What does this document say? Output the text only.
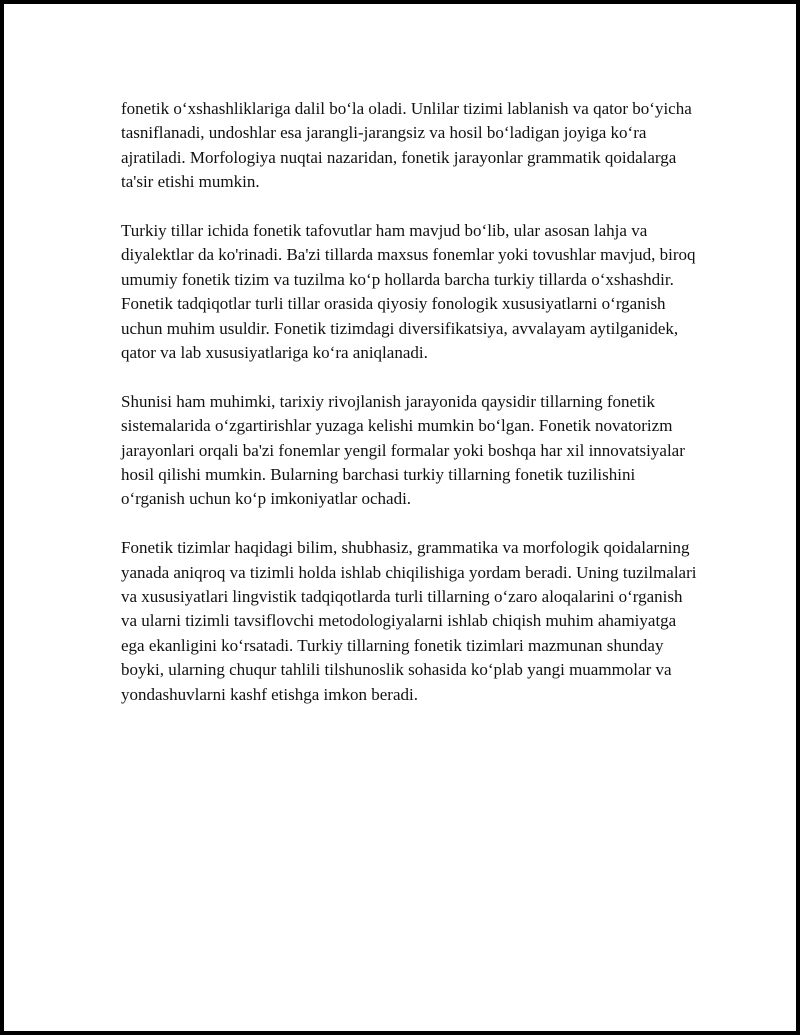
fonetik o‘xshashliklariga dalil bo‘la oladi. Unlilar tizimi lablanish va qator bo‘yicha tasniflanadi, undoshlar esa jarangli-jarangsiz va hosil bo‘ladigan joyiga ko‘ra ajratiladi. Morfologiya nuqtai nazaridan, fonetik jarayonlar grammatik qoidalarga ta'sir etishi mumkin.

Turkiy tillar ichida fonetik tafovutlar ham mavjud bo‘lib, ular asosan lahja va diyalektlar da ko'rinadi. Ba'zi tillarda maxsus fonemlar yoki tovushlar mavjud, biroq umumiy fonetik tizim va tuzilma ko‘p hollarda barcha turkiy tillarda o‘xshashdir. Fonetik tadqiqotlar turli tillar orasida qiyosiy fonologik xususiyatlarni o‘rganish uchun muhim usuldir. Fonetik tizimdagi diversifikatsiya, avvalayam aytilganidek, qator va lab xususiyatlariga ko‘ra aniqlanadi.

Shunisi ham muhimki, tarixiy rivojlanish jarayonida qaysidir tillarning fonetik sistemalarida o‘zgartirishlar yuzaga kelishi mumkin bo‘lgan. Fonetik novatorizm jarayonlari orqali ba'zi fonemlar yengil formalar yoki boshqa har xil innovatsiyalar hosil qilishi mumkin. Bularning barchasi turkiy tillarning fonetik tuzilishini o‘rganish uchun ko‘p imkoniyatlar ochadi.

Fonetik tizimlar haqidagi bilim, shubhasiz, grammatika va morfologik qoidalarning yanada aniqroq va tizimli holda ishlab chiqilishiga yordam beradi. Uning tuzilmalari va xususiyatlari lingvistik tadqiqotlarda turli tillarning o‘zaro aloqalarini o‘rganish va ularni tizimli tavsiflovchi metodologiyalarni ishlab chiqish muhim ahamiyatga ega ekanligini ko‘rsatadi. Turkiy tillarning fonetik tizimlari mazmunan shunday boyki, ularning chuqur tahlili tilshunoslik sohasida ko‘plab yangi muammolar va yondashuvlarni kashf etishga imkon beradi.
